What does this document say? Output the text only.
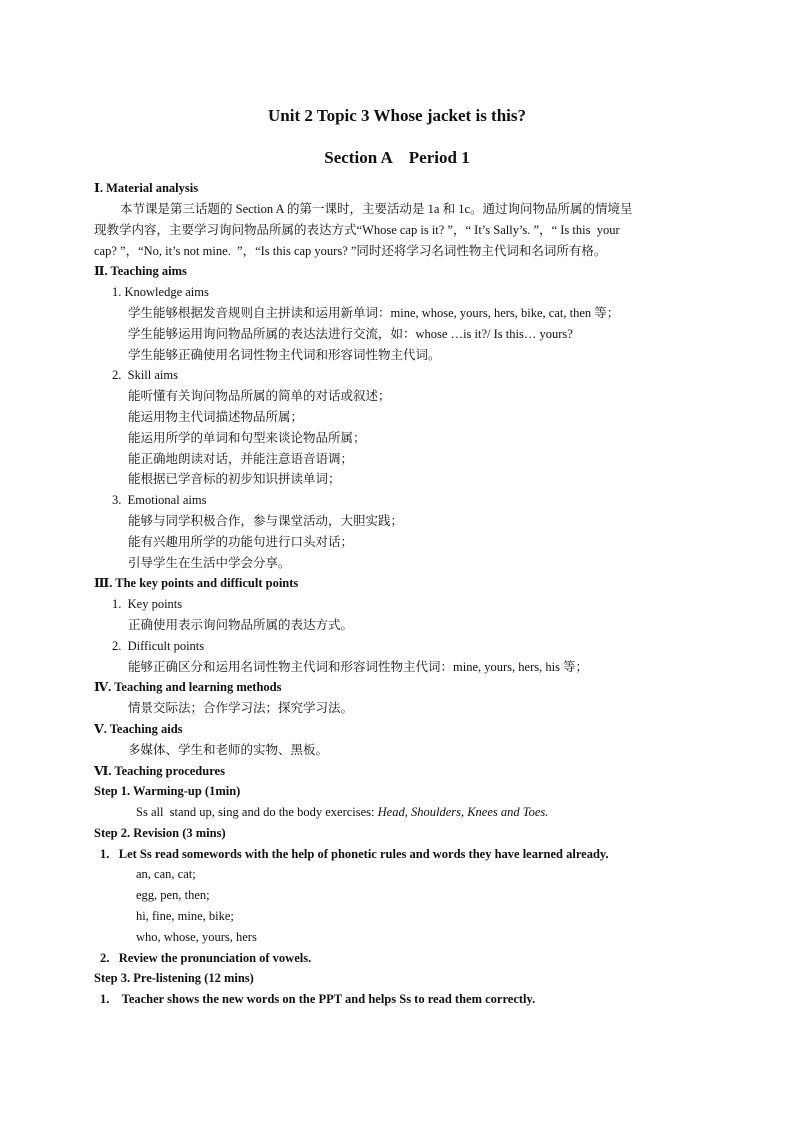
Unit 2 Topic 3 Whose jacket is this?
Section A    Period 1
Ⅰ. Material analysis
本节课是第三话题的 Section A 的第一课时，主要活动是 1a 和 1c。通过询问物品所属的情境呈
现教学内容，主要学习询问物品所属的表达方式“Whose cap is it? ”，“ It’s Sally’s. ”，“ Is this  your
cap? ”，“No, it’s not mine.  ”，“Is this cap yours? ”同时还将学习名词性物主代词和名词所有格。
Ⅱ. Teaching aims
1. Knowledge aims
学生能够根据发音规则自主拼读和运用新单词：mine, whose, yours, hers, bike, cat, then 等；
学生能够运用询问物品所属的表达法进行交流，如：whose …is it?/ Is this… yours?
学生能够正确使用名词性物主代词和形容词性物主代词。
2.  Skill aims
能听懂有关询问物品所属的简单的对话或叙述；
能运用物主代词描述物品所属；
能运用所学的单词和句型来谈论物品所属；
能正确地朗读对话，并能注意语音语调；
能根据已学音标的初步知识拼读单词；
3.  Emotional aims
能够与同学积极合作，参与课堂活动，大胆实践；
能有兴趣用所学的功能句进行口头对话；
引导学生在生活中学会分享。
Ⅲ. The key points and difficult points
1.  Key points
正确使用表示询问物品所属的表达方式。
2.  Difficult points
能够正确区分和运用名词性物主代词和形容词性物主代词：mine, yours, hers, his 等；
Ⅳ. Teaching and learning methods
情景交际法；合作学习法；探究学习法。
Ⅴ. Teaching aids
多媒体、学生和老师的实物、黑板。
Ⅵ. Teaching procedures
Step 1. Warming-up (1min)
Ss all  stand up, sing and do the body exercises: Head, Shoulders, Knees and Toes.
Step 2. Revision (3 mins)
1.   Let Ss read somewords with the help of phonetic rules and words they have learned already.
an, can, cat;
egg, pen, then;
hi, fine, mine, bike;
who, whose, yours, hers
2.   Review the pronunciation of vowels.
Step 3. Pre-listening (12 mins)
1.    Teacher shows the new words on the PPT and helps Ss to read them correctly.
